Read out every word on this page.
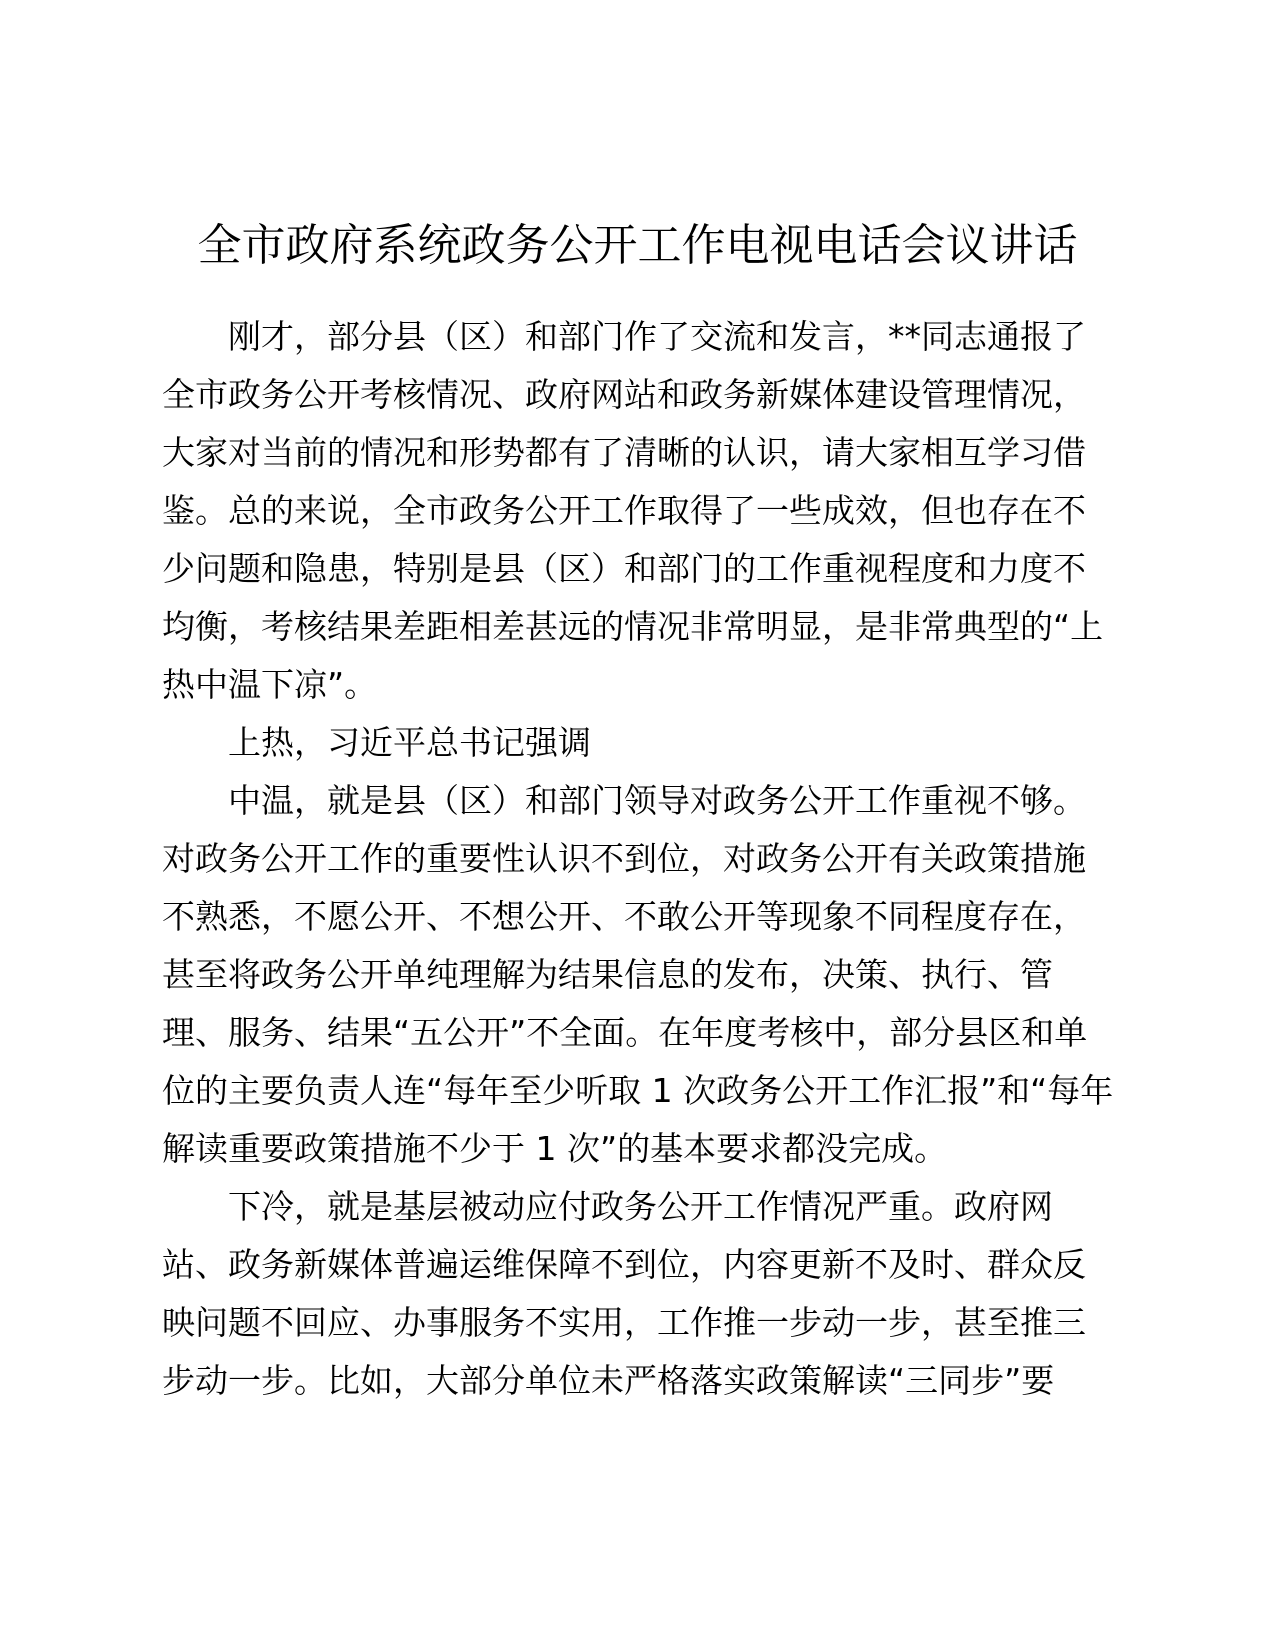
全市政府系统政务公开工作电视电话会议讲话

刚才，部分县（区）和部门作了交流和发言，**同志通报了
全市政务公开考核情况、政府网站和政务新媒体建设管理情况，
大家对当前的情况和形势都有了清晰的认识，请大家相互学习借
鉴。总的来说，全市政务公开工作取得了一些成效，但也存在不
少问题和隐患，特别是县（区）和部门的工作重视程度和力度不
均衡，考核结果差距相差甚远的情况非常明显，是非常典型的“上
热中温下凉”。

上热，习近平总书记强调

中温，就是县（区）和部门领导对政务公开工作重视不够。
对政务公开工作的重要性认识不到位，对政务公开有关政策措施
不熟悉，不愿公开、不想公开、不敢公开等现象不同程度存在，
甚至将政务公开单纯理解为结果信息的发布，决策、执行、管
理、服务、结果“五公开”不全面。在年度考核中，部分县区和单
位的主要负责人连“每年至少听取 1 次政务公开工作汇报”和“每年
解读重要政策措施不少于 1 次”的基本要求都没完成。

下冷，就是基层被动应付政务公开工作情况严重。政府网
站、政务新媒体普遍运维保障不到位，内容更新不及时、群众反
映问题不回应、办事服务不实用，工作推一步动一步，甚至推三
步动一步。比如，大部分单位未严格落实政策解读“三同步”要
